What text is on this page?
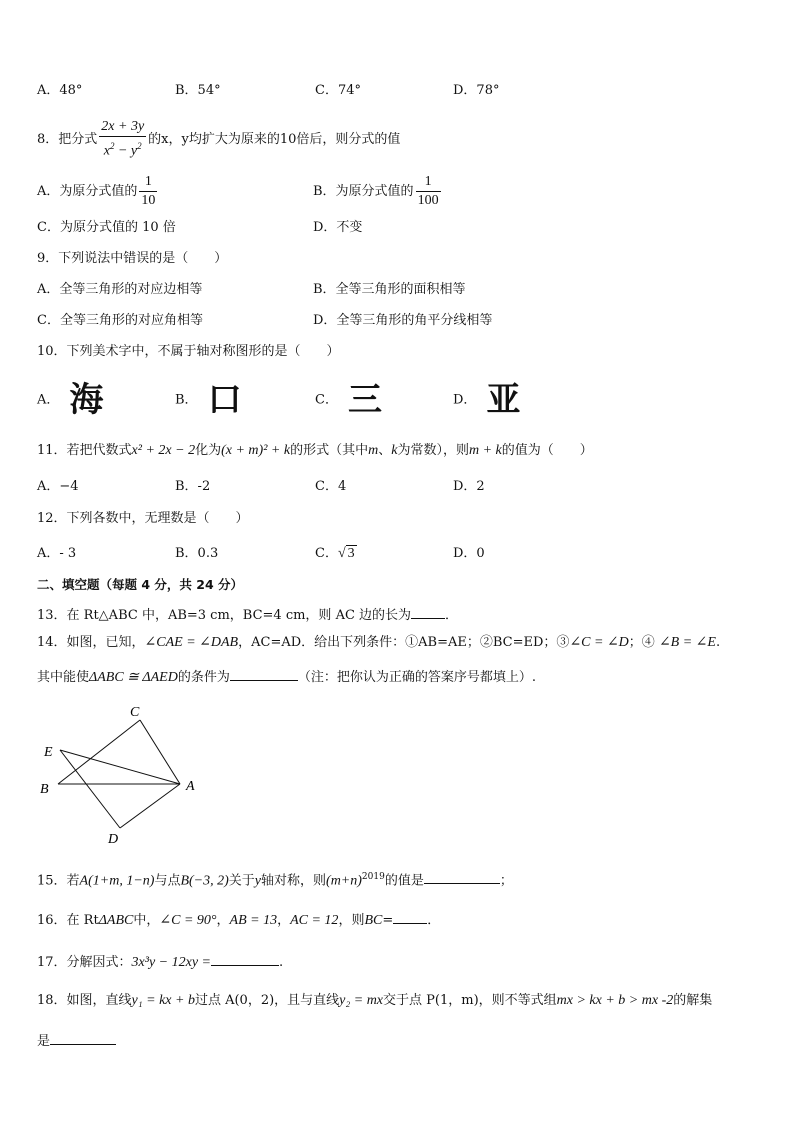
A．48°	B．54°	C．74°	D．78°
8．把分式 $\frac{2x + 3y}{x^2 - y^2}$ 的x，y均扩大为原来的10倍后，则分式的值
A．为原分式值的 $\frac{1}{10}$	B．为原分式值的 $\frac{1}{100}$
C．为原分式值的 10 倍	D．不变
9．下列说法中错误的是（　　）
A．全等三角形的对应边相等	B．全等三角形的面积相等
C．全等三角形的对应角相等	D．全等三角形的角平分线相等
10．下列美术字中，不属于轴对称图形的是（　　）
A． 海	B． 口	C． 三	D． 亚
11．若把代数式x² + 2x − 2化为(x + m)² + k的形式（其中m、k为常数），则m + k的值为（　　）
A．−4	B．‑2	C．4	D．2
12．下列各数中，无理数是（　　）
A．‑ 3	B．0.3	C．√ 3	D．0
二、填空题（每题 4 分，共 24 分）
13．在 Rt△ABC 中，AB=3 cm，BC=4 cm，则 AC 边的长为	．
14．如图，已知，∠CAE = ∠DAB，AC=AD．给出下列条件：①AB=AE；②BC=ED；③∠C = ∠D；④ ∠B = ∠E.
其中能使ΔABC ≅ ΔAED的条件为	（注：把你认为正确的答案序号都填上）.
C
E
B	A
D
15．若A(1+m, 1−n)与点B(−3, 2)关于y轴对称，则$(m+n)^{2019}$的值是	；
16．在 RtΔABC中，∠C = 90°，AB = 13，AC = 12，则BC=	．
17．分解因式：3x³y − 12xy =	.
18．如图，直线y₁ = kx + b过点 A(0，2)，且与直线y₂ = mx交于点 P(1，m)，则不等式组mx > kx + b > mx ‑2的解集
是
